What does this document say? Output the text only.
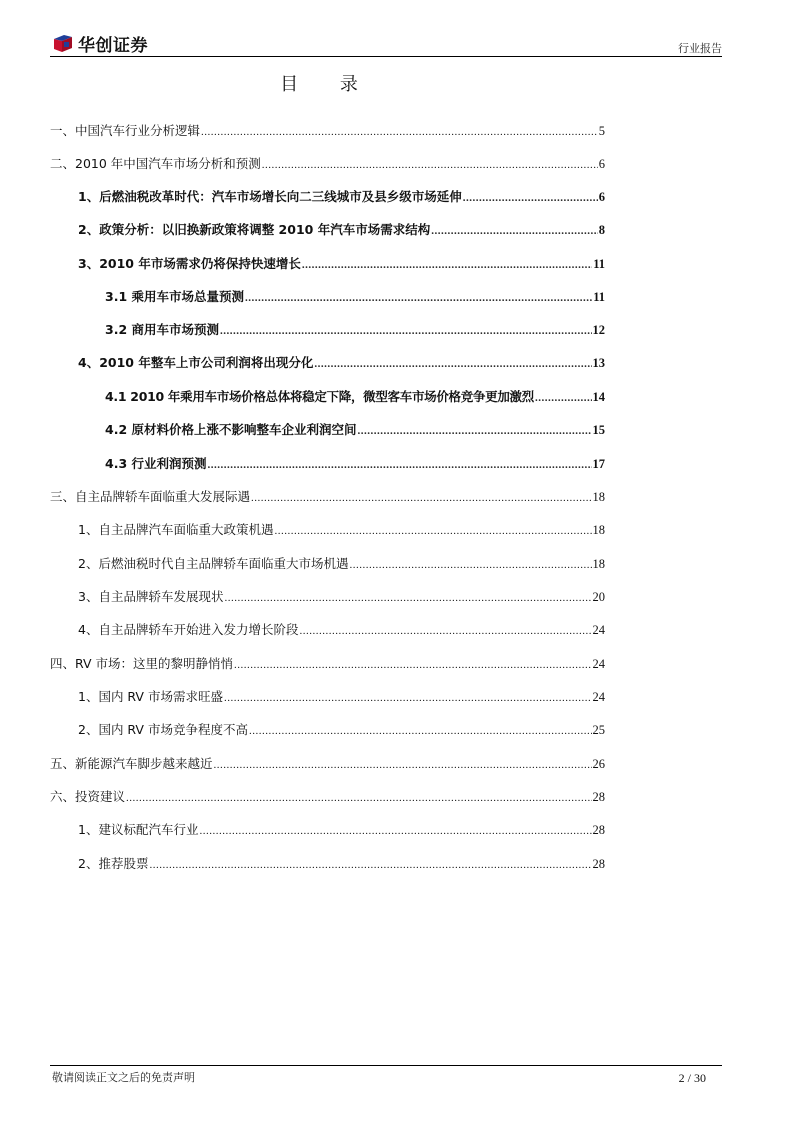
华创证券	行业报告
目 录
一、中国汽车行业分析逻辑 .....	5
二、2010 年中国汽车市场分析和预测 .....	6
1、后燃油税改革时代：汽车市场增长向二三线城市及县乡级市场延伸 .....	6
2、政策分析：以旧换新政策将调整 2010 年汽车市场需求结构 .....	8
3、2010 年市场需求仍将保持快速增长 .....	11
3.1 乘用车市场总量预测 .....	11
3.2 商用车市场预测 .....	12
4、2010 年整车上市公司利润将出现分化 .....	13
4.1 2010 年乘用车市场价格总体将稳定下降，微型客车市场价格竞争更加激烈 .....	14
4.2 原材料价格上涨不影响整车企业利润空间 .....	15
4.3 行业利润预测 .....	17
三、自主品牌轿车面临重大发展际遇 .....	18
1、自主品牌汽车面临重大政策机遇 .....	18
2、后燃油税时代自主品牌轿车面临重大市场机遇 .....	18
3、自主品牌轿车发展现状 .....	20
4、自主品牌轿车开始进入发力增长阶段 .....	24
四、RV 市场：这里的黎明静悄悄 .....	24
1、国内 RV 市场需求旺盛 .....	24
2、国内 RV 市场竞争程度不高 .....	25
五、新能源汽车脚步越来越近 .....	26
六、投资建议 .....	28
1、建议标配汽车行业 .....	28
2、推荐股票 .....	28
敬请阅读正文之后的免责声明	2 / 30
